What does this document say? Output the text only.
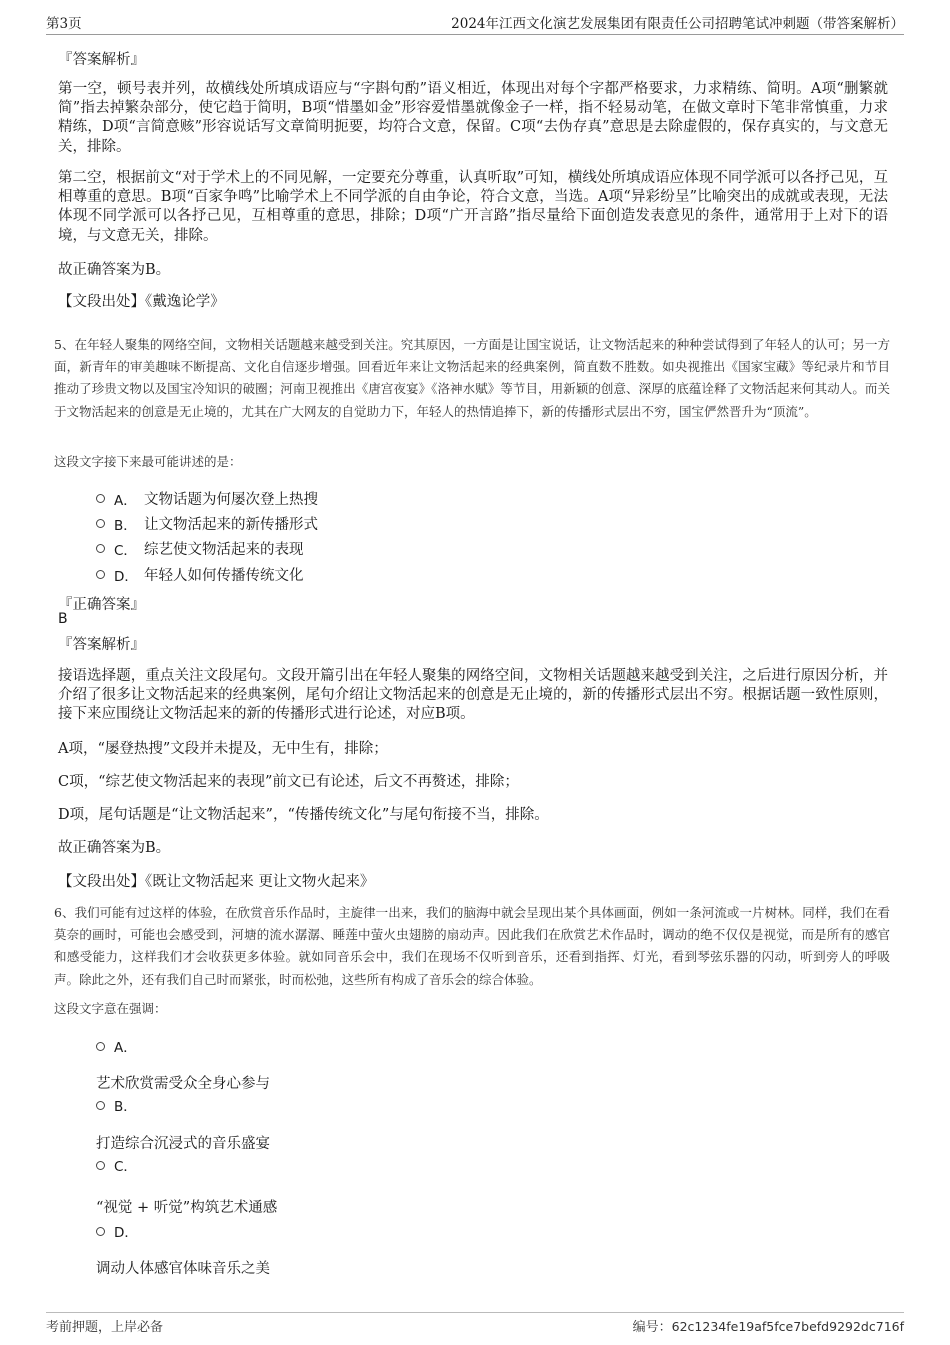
第3页	2024年江西文化演艺发展集团有限责任公司招聘笔试冲刺题（带答案解析）
『答案解析』
第一空，顿号表并列，故横线处所填成语应与“字斟句酌”语义相近，体现出对每个字都严格要求，力求精练、简明。A项“删繁就简”指去掉繁杂部分，使它趋于简明，B项“惜墨如金”形容爱惜墨就像金子一样，指不轻易动笔，在做文章时下笔非常慎重，力求精练，D项“言简意赅”形容说话写文章简明扼要，均符合文意，保留。C项“去伪存真”意思是去除虚假的，保存真实的，与文意无关，排除。
第二空，根据前文“对于学术上的不同见解，一定要充分尊重，认真听取”可知，横线处所填成语应体现不同学派可以各抒己见，互相尊重的意思。B项“百家争鸣”比喻学术上不同学派的自由争论，符合文意，当选。A项“异彩纷呈”比喻突出的成就或表现，无法体现不同学派可以各抒己见，互相尊重的意思，排除；D项“广开言路”指尽量给下面创造发表意见的条件，通常用于上对下的语境，与文意无关，排除。
故正确答案为B。
【文段出处】《戴逸论学》
5、在年轻人聚集的网络空间，文物相关话题越来越受到关注。究其原因，一方面是让国宝说话，让文物活起来的种种尝试得到了年轻人的认可；另一方面，新青年的审美趣味不断提高、文化自信逐步增强。回看近年来让文物活起来的经典案例，简直数不胜数。如央视推出《国家宝藏》等纪录片和节目推动了珍贵文物以及国宝冷知识的破圈；河南卫视推出《唐宫夜宴》《洛神水赋》等节目，用新颖的创意、深厚的底蕴诠释了文物活起来何其动人。而关于文物活起来的创意是无止境的，尤其在广大网友的自觉助力下，年轻人的热情追捧下，新的传播形式层出不穷，国宝俨然晋升为“顶流”。
这段文字接下来最可能讲述的是：
A． 文物话题为何屡次登上热搜
B． 让文物活起来的新传播形式
C． 综艺使文物活起来的表现
D． 年轻人如何传播传统文化
『正确答案』
B
『答案解析』
接语选择题，重点关注文段尾句。文段开篇引出在年轻人聚集的网络空间，文物相关话题越来越受到关注，之后进行原因分析，并介绍了很多让文物活起来的经典案例，尾句介绍让文物活起来的创意是无止境的，新的传播形式层出不穷。根据话题一致性原则，接下来应围绕让文物活起来的新的传播形式进行论述，对应B项。
A项，“屡登热搜”文段并未提及，无中生有，排除；
C项，“综艺使文物活起来的表现”前文已有论述，后文不再赘述，排除；
D项，尾句话题是“让文物活起来”，“传播传统文化”与尾句衔接不当，排除。
故正确答案为B。
【文段出处】《既让文物活起来 更让文物火起来》
6、我们可能有过这样的体验，在欣赏音乐作品时，主旋律一出来，我们的脑海中就会呈现出某个具体画面，例如一条河流或一片树林。同样，我们在看莫奈的画时，可能也会感受到，河塘的流水潺潺、睡莲中萤火虫翅膀的扇动声。因此我们在欣赏艺术作品时，调动的绝不仅仅是视觉，而是所有的感官和感受能力，这样我们才会收获更多体验。就如同音乐会中，我们在现场不仅听到音乐，还看到指挥、灯光，看到琴弦乐器的闪动，听到旁人的呼吸声。除此之外，还有我们自己时而紧张，时而松弛，这些所有构成了音乐会的综合体验。
这段文字意在强调：
A．
艺术欣赏需受众全身心参与
B．
打造综合沉浸式的音乐盛宴
C．
“视觉 + 听觉”构筑艺术通感
D．
调动人体感官体味音乐之美
考前押题，上岸必备	编号：62c1234fe19af5fce7befd9292dc716f
